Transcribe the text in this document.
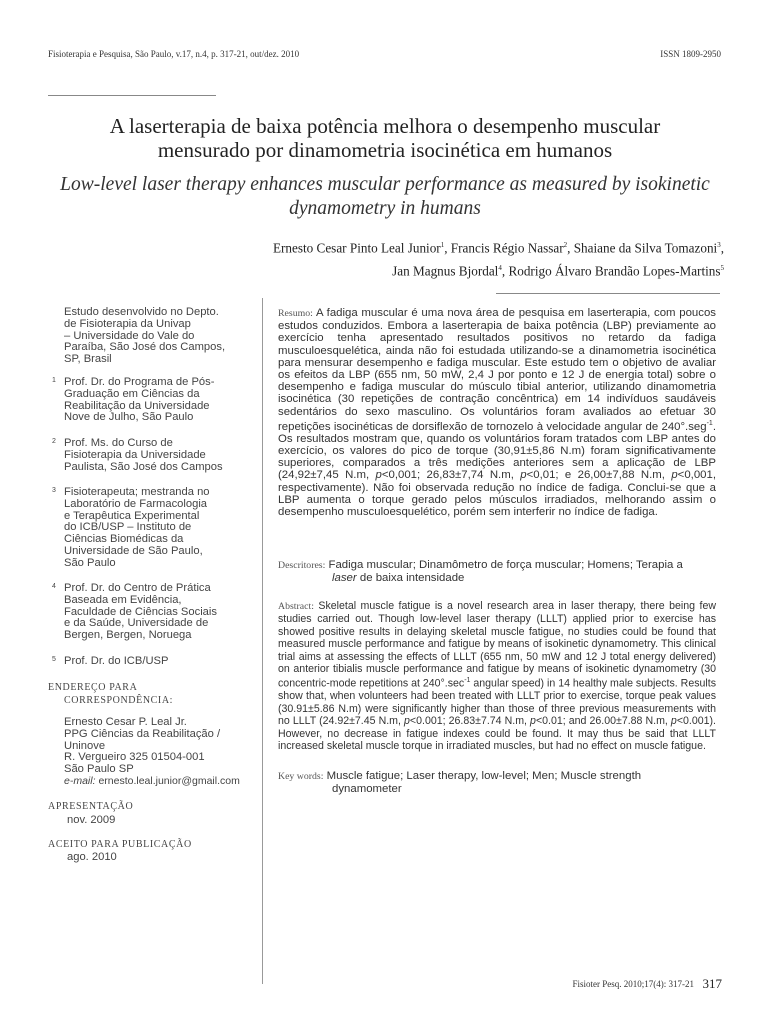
Fisioterapia e Pesquisa, São Paulo, v.17, n.4, p. 317-21, out/dez. 2010	ISSN 1809-2950
A laserterapia de baixa potência melhora o desempenho muscular
mensurado por dinamometria isocinética em humanos
Low-level laser therapy enhances muscular performance as measured by isokinetic
dynamometry in humans
Ernesto Cesar Pinto Leal Junior$^1$, Francis Régio Nassar$^2$, Shaiane da Silva Tomazoni$^3$,
Jan Magnus Bjordal$^4$, Rodrigo Álvaro Brandão Lopes-Martins$^5$
Estudo desenvolvido no Depto.
de Fisioterapia da Univap
– Universidade do Vale do
Paraíba, São José dos Campos,
SP, Brasil
1 Prof. Dr. do Programa de Pós-
Graduação em Ciências da
Reabilitação da Universidade
Nove de Julho, São Paulo
2 Prof. Ms. do Curso de
Fisioterapia da Universidade
Paulista, São José dos Campos
3 Fisioterapeuta; mestranda no
Laboratório de Farmacologia
e Terapêutica Experimental
do ICB/USP – Instituto de
Ciências Biomédicas da
Universidade de São Paulo,
São Paulo
4 Prof. Dr. do Centro de Prática
Baseada em Evidência,
Faculdade de Ciências Sociais
e da Saúde, Universidade de
Bergen, Bergen, Noruega
5 Prof. Dr. do ICB/USP
ENDEREÇO PARA
CORRESPONDÊNCIA:
Ernesto Cesar P. Leal Jr.
PPG Ciências da Reabilitação /
Uninove
R. Vergueiro 325 01504-001
São Paulo SP
e-mail: ernesto.leal.junior@gmail.com
APRESENTAÇÃO
nov. 2009
ACEITO PARA PUBLICAÇÃO
ago. 2010
Resumo: A fadiga muscular é uma nova área de pesquisa em laserterapia, com poucos estudos conduzidos. Embora a laserterapia de baixa potência (LBP) previamente ao exercício tenha apresentado resultados positivos no retardo da fadiga musculoesquelética, ainda não foi estudada utilizando-se a dinamometria isocinética para mensurar desempenho e fadiga muscular. Este estudo tem o objetivo de avaliar os efeitos da LBP (655 nm, 50 mW, 2,4 J por ponto e 12 J de energia total) sobre o desempenho e fadiga muscular do músculo tibial anterior, utilizando dinamometria isocinética (30 repetições de contração concêntrica) em 14 indivíduos saudáveis sedentários do sexo masculino. Os voluntários foram avaliados ao efetuar 30 repetições isocinéticas de dorsiflexão de tornozelo à velocidade angular de 240°.seg$^{-1}$. Os resultados mostram que, quando os voluntários foram tratados com LBP antes do exercício, os valores do pico de torque (30,91±5,86 N.m) foram significativamente superiores, comparados a três medições anteriores sem a aplicação de LBP (24,92±7,45 N.m, p<0,001; 26,83±7,74 N.m, p<0,01; e 26,00±7,88 N.m, p<0,001, respectivamente). Não foi observada redução no índice de fadiga. Conclui-se que a LBP aumenta o torque gerado pelos músculos irradiados, melhorando assim o desempenho musculoesquelético, porém sem interferir no índice de fadiga.
Descritores: Fadiga muscular; Dinamômetro de força muscular; Homens; Terapia a
laser de baixa intensidade
Abstract: Skeletal muscle fatigue is a novel research area in laser therapy, there being few studies carried out. Though low-level laser therapy (LLLT) applied prior to exercise has showed positive results in delaying skeletal muscle fatigue, no studies could be found that measured muscle performance and fatigue by means of isokinetic dynamometry. This clinical trial aims at assessing the effects of LLLT (655 nm, 50 mW and 12 J total energy delivered) on anterior tibialis muscle performance and fatigue by means of isokinetic dynamometry (30 concentric-mode repetitions at $240^\circ.\sec^{-1}$ angular speed) in 14 healthy male subjects. Results show that, when volunteers had been treated with LLLT prior to exercise, torque peak values (30.91±5.86 N.m) were significantly higher than those of three previous measurements with no LLLT (24.92±7.45 N.m, p<0.001; 26.83±7.74 N.m, p<0.01; and 26.00±7.88 N.m, p<0.001). However, no decrease in fatigue indexes could be found. It may thus be said that LLLT increased skeletal muscle torque in irradiated muscles, but had no effect on muscle fatigue.
Key words: Muscle fatigue; Laser therapy, low-level; Men; Muscle strength
dynamometer
Fisioter Pesq. 2010;17(4): 317-21 317
